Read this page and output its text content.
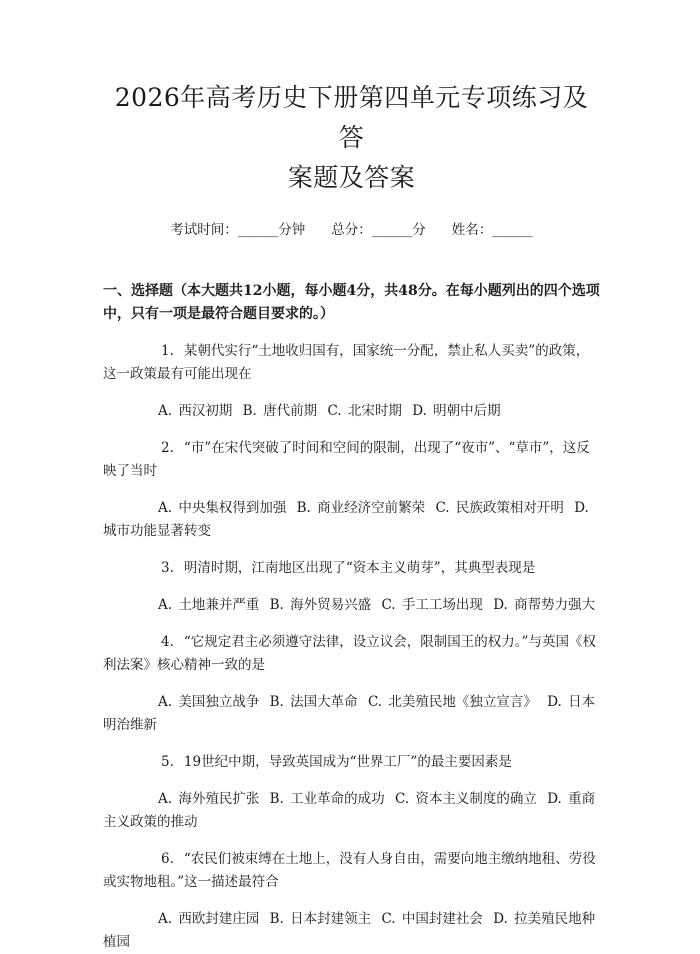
2026年高考历史下册第四单元专项练习及答
案题及答案
考试时间：______分钟 总分：______分 姓名：______
一、选择题（本大题共12小题，每小题4分，共48分。在每小题列出的四个选项中，只有一项是最符合题目要求的。）
1. 某朝代实行“土地收归国有，国家统一分配，禁止私人买卖”的政策，这一政策最有可能出现在
A. 西汉初期 B. 唐代前期 C. 北宋时期 D. 明朝中后期
2. “市”在宋代突破了时间和空间的限制，出现了“夜市”、“草市”，这反映了当时
A. 中央集权得到加强 B. 商业经济空前繁荣 C. 民族政策相对开明 D. 城市功能显著转变
3. 明清时期，江南地区出现了“资本主义萌芽”，其典型表现是
A. 土地兼并严重 B. 海外贸易兴盛 C. 手工工场出现 D. 商帮势力强大
4. “它规定君主必须遵守法律，设立议会，限制国王的权力。”与英国《权利法案》核心精神一致的是
A. 美国独立战争 B. 法国大革命 C. 北美殖民地《独立宣言》 D. 日本明治维新
5. 19世纪中期，导致英国成为“世界工厂”的最主要因素是
A. 海外殖民扩张 B. 工业革命的成功 C. 资本主义制度的确立 D. 重商主义政策的推动
6. “农民们被束缚在土地上，没有人身自由，需要向地主缴纳地租、劳役或实物地租。”这一描述最符合
A. 西欧封建庄园 B. 日本封建领主 C. 中国封建社会 D. 拉美殖民地种植园
